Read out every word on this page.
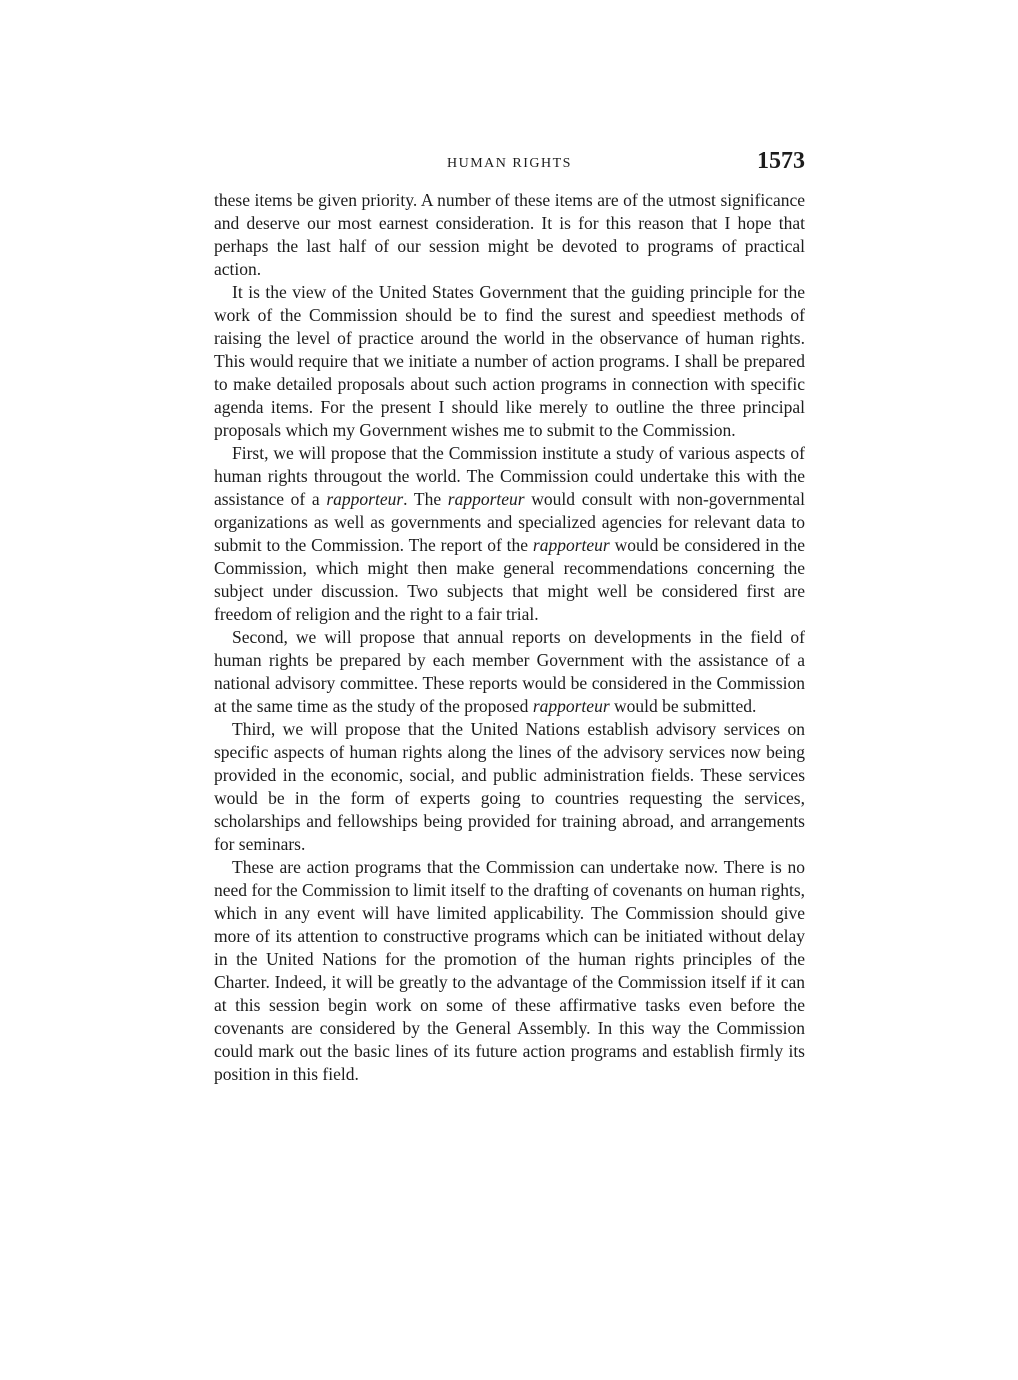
HUMAN RIGHTS	1573

these items be given priority. A number of these items are of the utmost significance and deserve our most earnest consideration. It is for this reason that I hope that perhaps the last half of our session might be devoted to programs of practical action.

It is the view of the United States Government that the guiding principle for the work of the Commission should be to find the surest and speediest methods of raising the level of practice around the world in the observance of human rights. This would require that we initiate a number of action programs. I shall be prepared to make detailed proposals about such action programs in connection with specific agenda items. For the present I should like merely to outline the three principal proposals which my Government wishes me to submit to the Commission.

First, we will propose that the Commission institute a study of various aspects of human rights througout the world. The Commission could undertake this with the assistance of a rapporteur. The rapporteur would consult with non-governmental organizations as well as governments and specialized agencies for relevant data to submit to the Commission. The report of the rapporteur would be considered in the Commission, which might then make general recommendations concerning the subject under discussion. Two subjects that might well be considered first are freedom of religion and the right to a fair trial.

Second, we will propose that annual reports on developments in the field of human rights be prepared by each member Government with the assistance of a national advisory committee. These reports would be considered in the Commission at the same time as the study of the proposed rapporteur would be submitted.

Third, we will propose that the United Nations establish advisory services on specific aspects of human rights along the lines of the advisory services now being provided in the economic, social, and public administration fields. These services would be in the form of experts going to countries requesting the services, scholarships and fellowships being provided for training abroad, and arrangements for seminars.

These are action programs that the Commission can undertake now. There is no need for the Commission to limit itself to the drafting of covenants on human rights, which in any event will have limited applicability. The Commission should give more of its attention to constructive programs which can be initiated without delay in the United Nations for the promotion of the human rights principles of the Charter. Indeed, it will be greatly to the advantage of the Commission itself if it can at this session begin work on some of these affirmative tasks even before the covenants are considered by the General Assembly. In this way the Commission could mark out the basic lines of its future action programs and establish firmly its position in this field.
